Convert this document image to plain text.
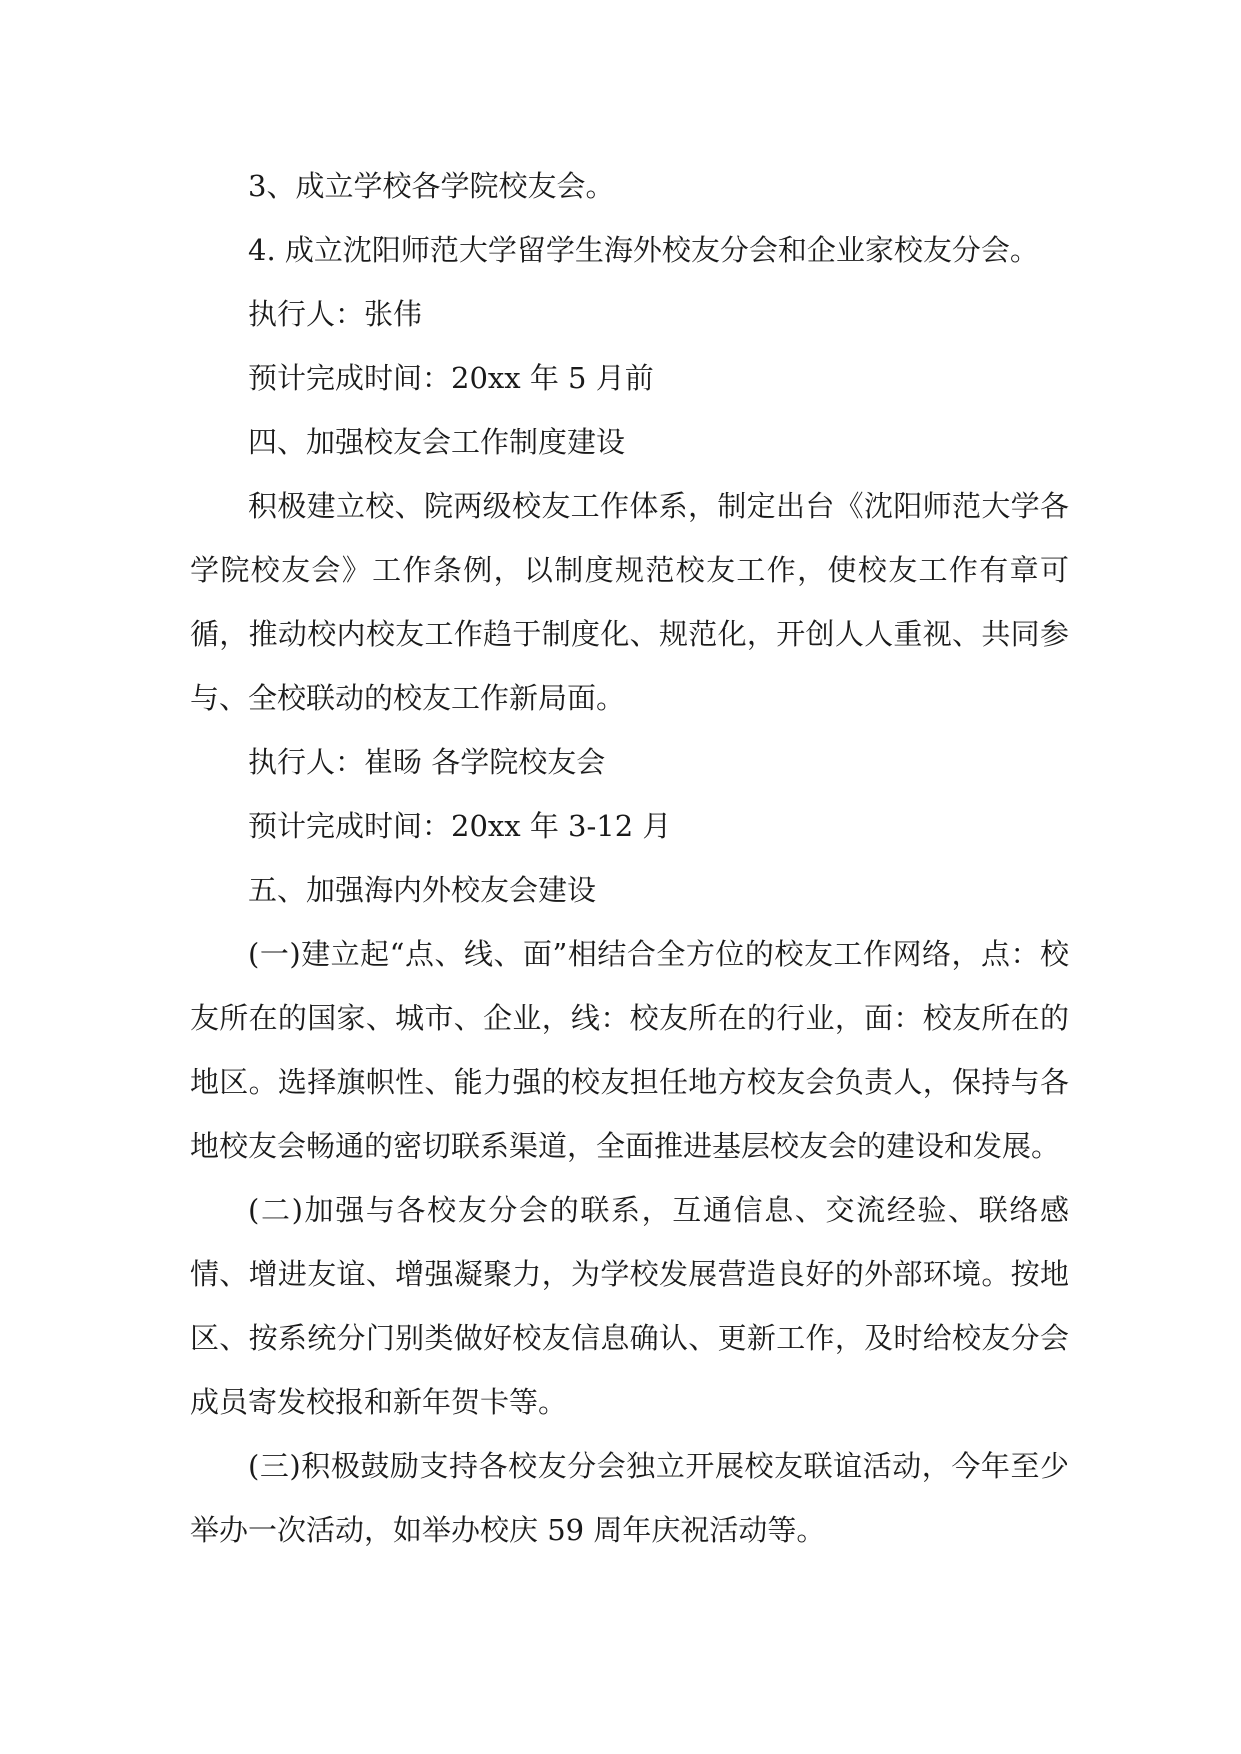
3、成立学校各学院校友会。

4. 成立沈阳师范大学留学生海外校友分会和企业家校友分会。

执行人：张伟

预计完成时间：20xx 年 5 月前

四、加强校友会工作制度建设

积极建立校、院两级校友工作体系，制定出台《沈阳师范大学各学院校友会》工作条例，以制度规范校友工作，使校友工作有章可循，推动校内校友工作趋于制度化、规范化，开创人人重视、共同参与、全校联动的校友工作新局面。

执行人：崔旸 各学院校友会

预计完成时间：20xx 年 3-12 月

五、加强海内外校友会建设

(一)建立起“点、线、面”相结合全方位的校友工作网络，点：校友所在的国家、城市、企业，线：校友所在的行业，面：校友所在的地区。选择旗帜性、能力强的校友担任地方校友会负责人，保持与各地校友会畅通的密切联系渠道，全面推进基层校友会的建设和发展。

(二)加强与各校友分会的联系，互通信息、交流经验、联络感情、增进友谊、增强凝聚力，为学校发展营造良好的外部环境。按地区、按系统分门别类做好校友信息确认、更新工作，及时给校友分会成员寄发校报和新年贺卡等。

(三)积极鼓励支持各校友分会独立开展校友联谊活动，今年至少举办一次活动，如举办校庆 59 周年庆祝活动等。
